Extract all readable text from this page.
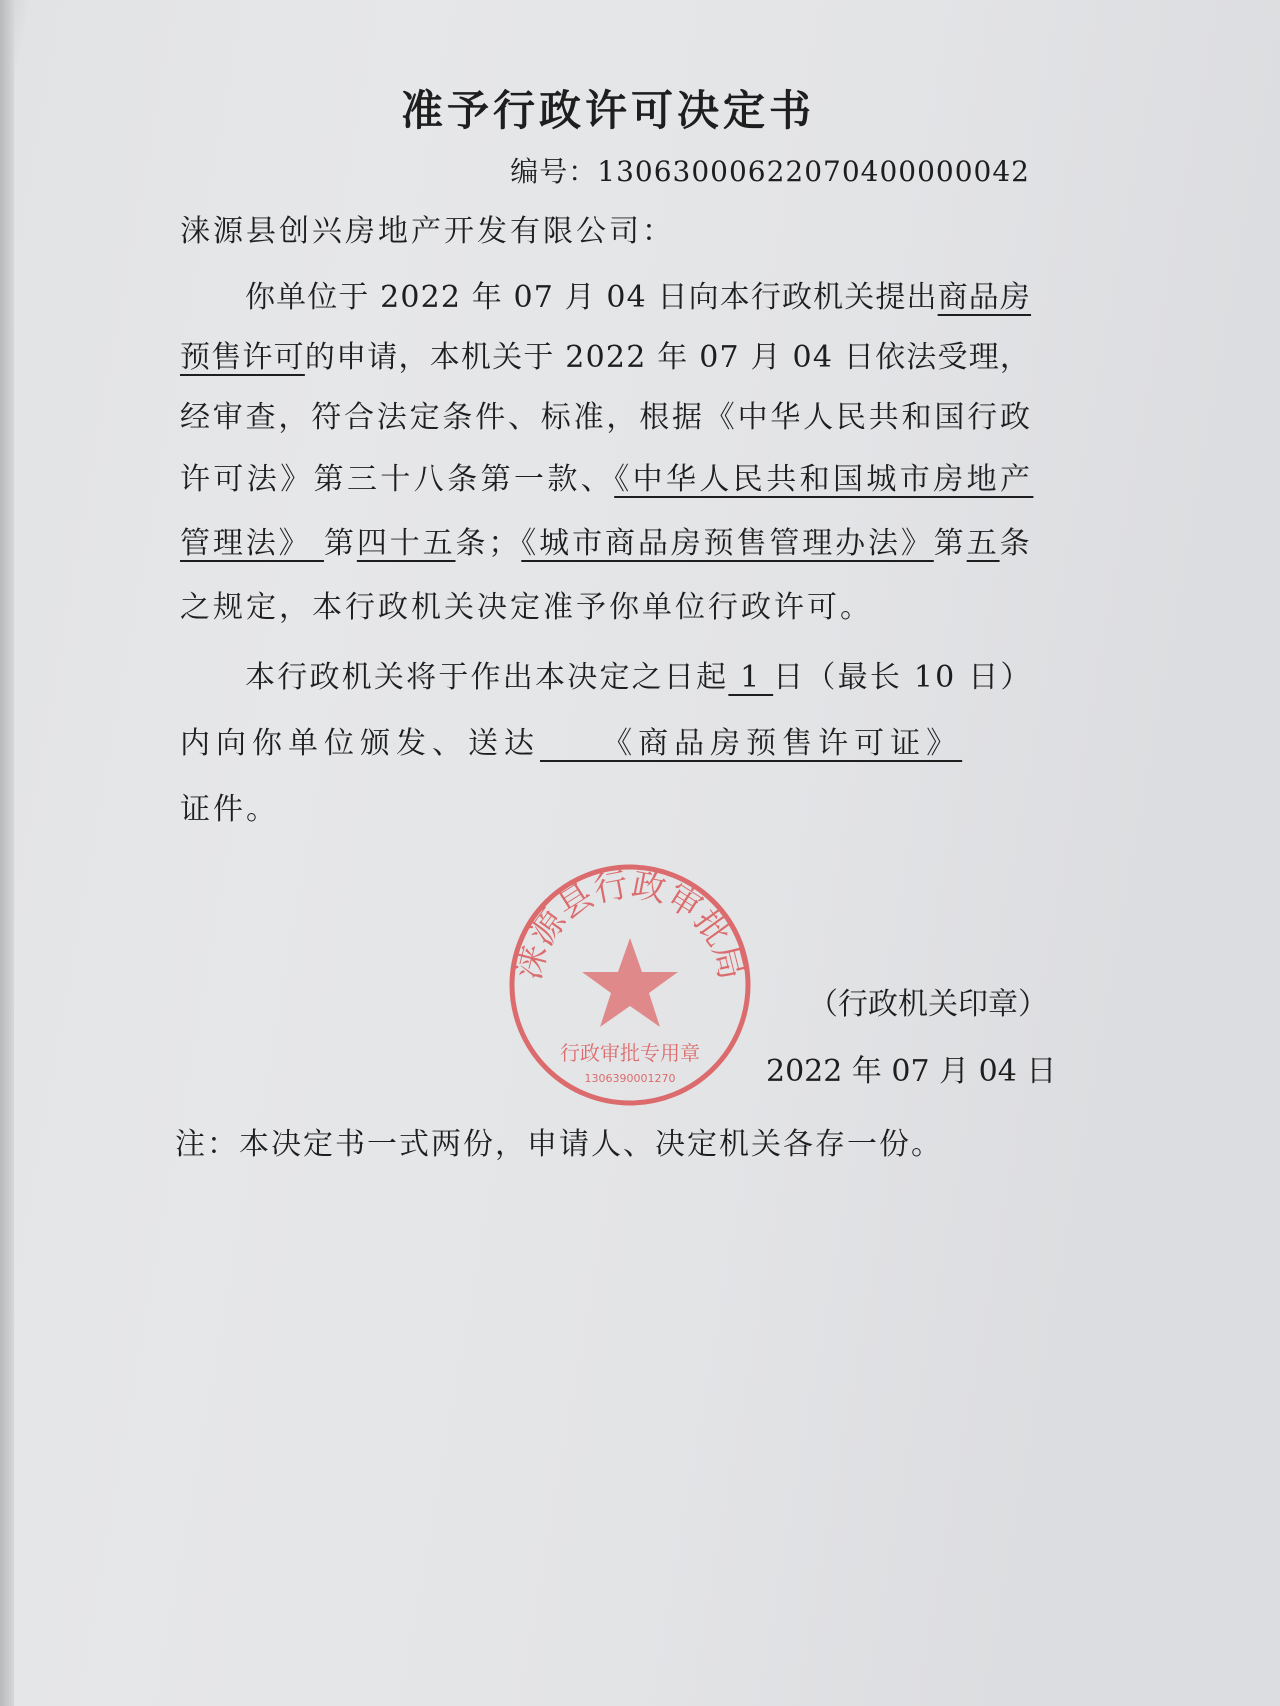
准予行政许可决定书
编号：13063000622070400000042
涞源县创兴房地产开发有限公司：
你单位于 2022 年 07 月 04 日向本行政机关提出商品房
预售许可的申请，本机关于 2022 年 07 月 04 日依法受理，
经审查，符合法定条件、标准，根据《中华人民共和国行政
许可法》第三十八条第一款、《中华人民共和国城市房地产
管理法》 第四十五条；《城市商品房预售管理办法》第五条
之规定，本行政机关决定准予你单位行政许可。
本行政机关将于作出本决定之日起 1 日（最长 10 日）
内向你单位颁发、送达    《商品房预售许可证》
证件。
涞源县行政审批局
行政审批专用章
1306390001270
（行政机关印章）
2022 年 07 月 04 日
注：本决定书一式两份，申请人、决定机关各存一份。
